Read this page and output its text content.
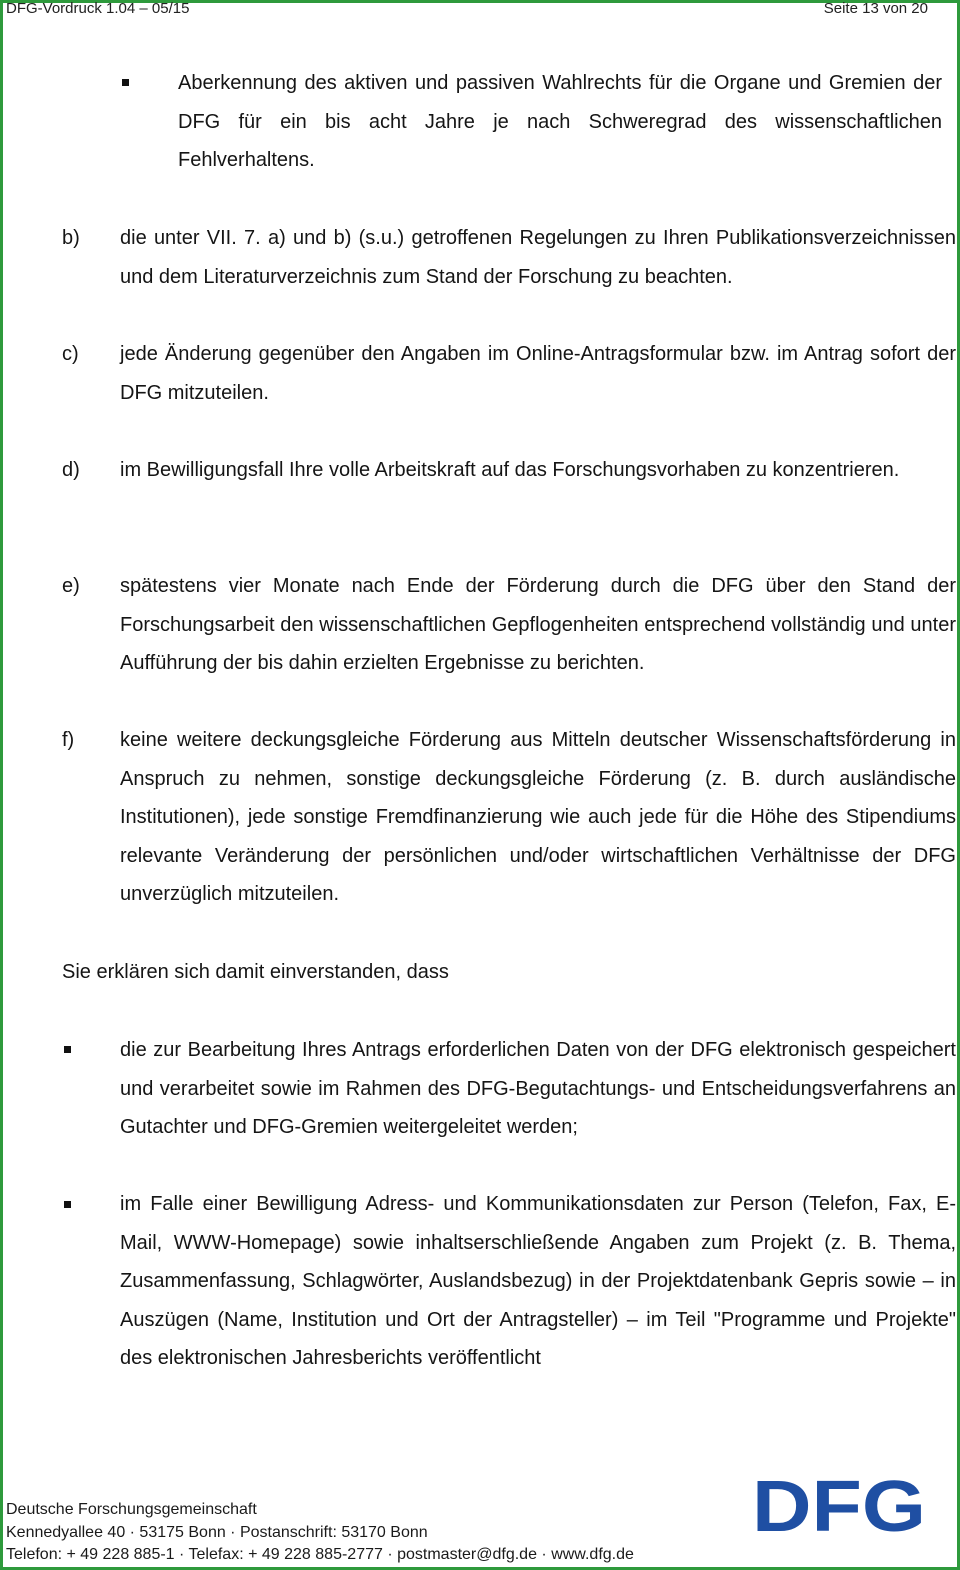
DFG-Vordruck 1.04 – 05/15	Seite 13 von 20
Aberkennung des aktiven und passiven Wahlrechts für die Organe und Gremien der DFG für ein bis acht Jahre je nach Schweregrad des wissenschaftlichen Fehlverhaltens.
b) die unter VII. 7. a) und b) (s.u.) getroffenen Regelungen zu Ihren Publikationsverzeichnissen und dem Literaturverzeichnis zum Stand der Forschung zu beachten.
c) jede Änderung gegenüber den Angaben im Online-Antragsformular bzw. im Antrag sofort der DFG mitzuteilen.
d) im Bewilligungsfall Ihre volle Arbeitskraft auf das Forschungsvorhaben zu konzentrieren.
e) spätestens vier Monate nach Ende der Förderung durch die DFG über den Stand der Forschungsarbeit den wissenschaftlichen Gepflogenheiten entsprechend vollständig und unter Aufführung der bis dahin erzielten Ergebnisse zu berichten.
f) keine weitere deckungsgleiche Förderung aus Mitteln deutscher Wissenschaftsförderung in Anspruch zu nehmen, sonstige deckungsgleiche Förderung (z. B. durch ausländische Institutionen), jede sonstige Fremdfinanzierung wie auch jede für die Höhe des Stipendiums relevante Veränderung der persönlichen und/oder wirtschaftlichen Verhältnisse der DFG unverzüglich mitzuteilen.
Sie erklären sich damit einverstanden, dass
die zur Bearbeitung Ihres Antrags erforderlichen Daten von der DFG elektronisch gespeichert und verarbeitet sowie im Rahmen des DFG-Begutachtungs- und Entscheidungsverfahrens an Gutachter und DFG-Gremien weitergeleitet werden;
im Falle einer Bewilligung Adress- und Kommunikationsdaten zur Person (Telefon, Fax, E-Mail, WWW-Homepage) sowie inhaltserschließende Angaben zum Projekt (z. B. Thema, Zusammenfassung, Schlagwörter, Auslandsbezug) in der Projektdatenbank Gepris sowie – in Auszügen (Name, Institution und Ort der Antragsteller) – im Teil "Programme und Projekte" des elektronischen Jahresberichts veröffentlicht
Deutsche Forschungsgemeinschaft
Kennedyallee 40 · 53175 Bonn · Postanschrift: 53170 Bonn
Telefon: + 49 228 885-1 · Telefax: + 49 228 885-2777 · postmaster@dfg.de · www.dfg.de
DFG
